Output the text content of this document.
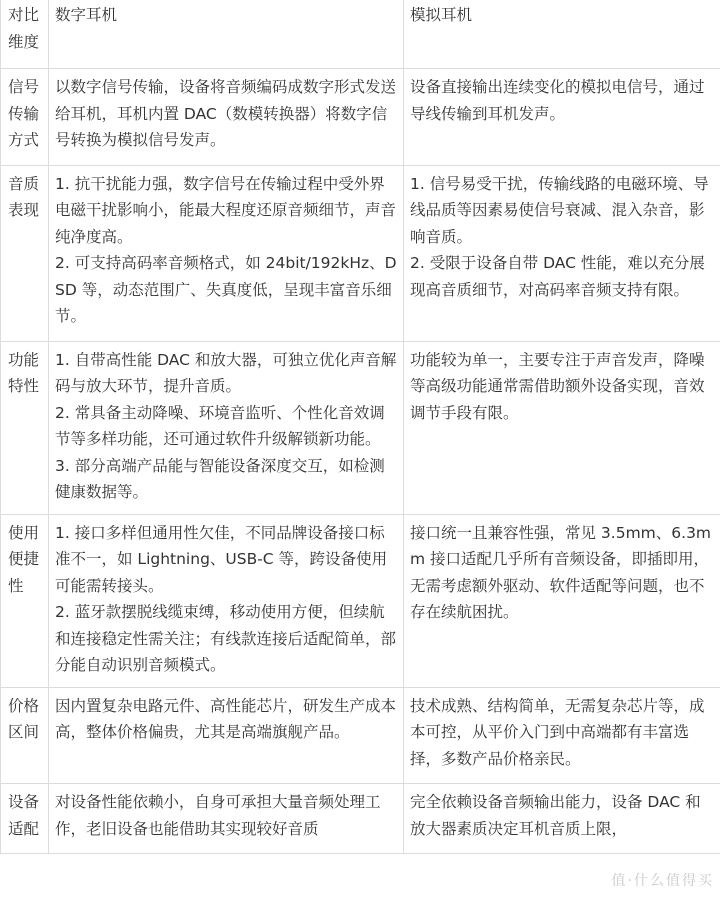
对比维度	数字耳机	模拟耳机
信号传输方式	以数字信号传输，设备将音频编码成数字形式发送给耳机，耳机内置 DAC（数模转换器）将数字信号转换为模拟信号发声。	设备直接输出连续变化的模拟电信号，通过导线传输到耳机发声。

音质表现	1. 抗干扰能力强，数字信号在传输过程中受外界电磁干扰影响小，能最大程度还原音频细节，声音纯净度高。
2. 可支持高码率音频格式，如 24bit/192kHz、DSD 等，动态范围广、失真度低，呈现丰富音乐细节。	1. 信号易受干扰，传输线路的电磁环境、导线品质等因素易使信号衰减、混入杂音，影响音质。
2. 受限于设备自带 DAC 性能，难以充分展现高音质细节，对高码率音频支持有限。

功能特性	1. 自带高性能 DAC 和放大器，可独立优化声音解码与放大环节，提升音质。
2. 常具备主动降噪、环境音监听、个性化音效调节等多样功能，还可通过软件升级解锁新功能。
3. 部分高端产品能与智能设备深度交互，如检测健康数据等。	功能较为单一，主要专注于声音发声，降噪等高级功能通常需借助额外设备实现，音效调节手段有限。

使用便捷性	1. 接口多样但通用性欠佳，不同品牌设备接口标准不一，如 Lightning、USB-C 等，跨设备使用可能需转接头。
2. 蓝牙款摆脱线缆束缚，移动使用方便，但续航和连接稳定性需关注；有线款连接后适配简单，部分能自动识别音频模式。	接口统一且兼容性强，常见 3.5mm、6.3mm 接口适配几乎所有音频设备，即插即用，无需考虑额外驱动、软件适配等问题，也不存在续航困扰。

价格区间	因内置复杂电路元件、高性能芯片，研发生产成本高，整体价格偏贵，尤其是高端旗舰产品。	技术成熟、结构简单，无需复杂芯片等，成本可控，从平价入门到中高端都有丰富选择，多数产品价格亲民。

设备适配	对设备性能依赖小，自身可承担大量音频处理工作，老旧设备也能借助其实现较好音质	完全依赖设备音频输出能力，设备 DAC 和放大器素质决定耳机音质上限，
值·什么值得买
